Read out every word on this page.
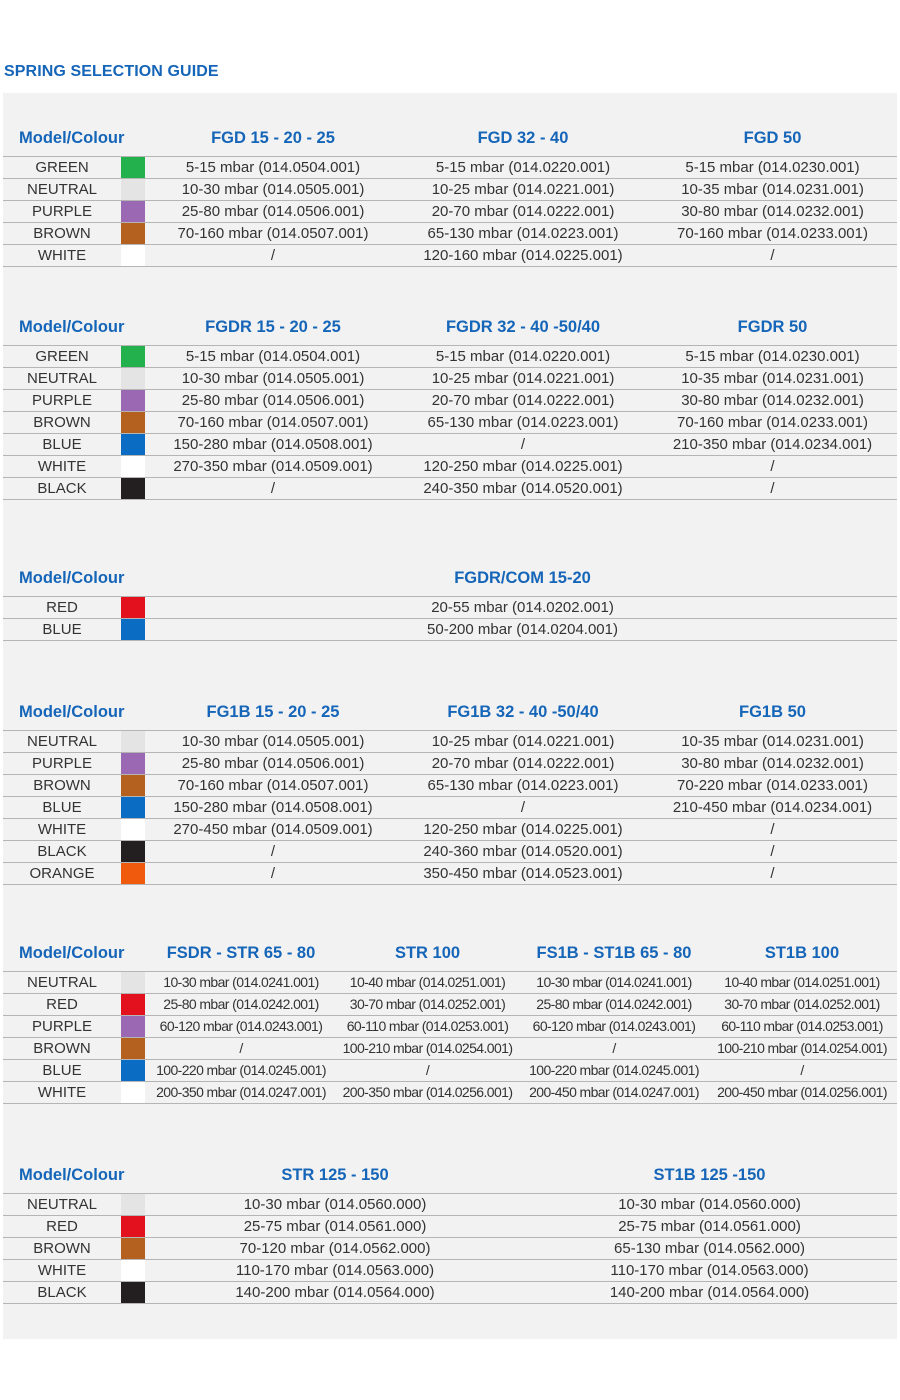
SPRING SELECTION GUIDE
Model/Colour	FGD 15 - 20 - 25	FGD 32 - 40	FGD 50
GREEN	5-15 mbar (014.0504.001)	5-15 mbar (014.0220.001)	5-15 mbar (014.0230.001)
NEUTRAL	10-30 mbar (014.0505.001)	10-25 mbar (014.0221.001)	10-35 mbar (014.0231.001)
PURPLE	25-80 mbar (014.0506.001)	20-70 mbar (014.0222.001)	30-80 mbar (014.0232.001)
BROWN	70-160 mbar (014.0507.001)	65-130 mbar (014.0223.001)	70-160 mbar (014.0233.001)
WHITE	/	120-160 mbar (014.0225.001)	/
Model/Colour	FGDR 15 - 20 - 25	FGDR 32 - 40 -50/40	FGDR 50
GREEN	5-15 mbar (014.0504.001)	5-15 mbar (014.0220.001)	5-15 mbar (014.0230.001)
NEUTRAL	10-30 mbar (014.0505.001)	10-25 mbar (014.0221.001)	10-35 mbar (014.0231.001)
PURPLE	25-80 mbar (014.0506.001)	20-70 mbar (014.0222.001)	30-80 mbar (014.0232.001)
BROWN	70-160 mbar (014.0507.001)	65-130 mbar (014.0223.001)	70-160 mbar (014.0233.001)
BLUE	150-280 mbar (014.0508.001)	/	210-350 mbar (014.0234.001)
WHITE	270-350 mbar (014.0509.001)	120-250 mbar (014.0225.001)	/
BLACK	/	240-350 mbar (014.0520.001)	/
Model/Colour	FGDR/COM 15-20
RED	20-55 mbar (014.0202.001)
BLUE	50-200 mbar (014.0204.001)
Model/Colour	FG1B 15 - 20 - 25	FG1B 32 - 40 -50/40	FG1B 50
NEUTRAL	10-30 mbar (014.0505.001)	10-25 mbar (014.0221.001)	10-35 mbar (014.0231.001)
PURPLE	25-80 mbar (014.0506.001)	20-70 mbar (014.0222.001)	30-80 mbar (014.0232.001)
BROWN	70-160 mbar (014.0507.001)	65-130 mbar (014.0223.001)	70-220 mbar (014.0233.001)
BLUE	150-280 mbar (014.0508.001)	/	210-450 mbar (014.0234.001)
WHITE	270-450 mbar (014.0509.001)	120-250 mbar (014.0225.001)	/
BLACK	/	240-360 mbar (014.0520.001)	/
ORANGE	/	350-450 mbar (014.0523.001)	/
Model/Colour	FSDR - STR 65 - 80	STR 100	FS1B - ST1B 65 - 80	ST1B 100
NEUTRAL	10-30 mbar (014.0241.001)	10-40 mbar (014.0251.001)	10-30 mbar (014.0241.001)	10-40 mbar (014.0251.001)
RED	25-80 mbar (014.0242.001)	30-70 mbar (014.0252.001)	25-80 mbar (014.0242.001)	30-70 mbar (014.0252.001)
PURPLE	60-120 mbar (014.0243.001)	60-110 mbar (014.0253.001)	60-120 mbar (014.0243.001)	60-110 mbar (014.0253.001)
BROWN	/	100-210 mbar (014.0254.001)	/	100-210 mbar (014.0254.001)
BLUE	100-220 mbar (014.0245.001)	/	100-220 mbar (014.0245.001)	/
WHITE	200-350 mbar (014.0247.001)	200-350 mbar (014.0256.001)	200-450 mbar (014.0247.001)	200-450 mbar (014.0256.001)
Model/Colour	STR 125 - 150	ST1B 125 -150
NEUTRAL	10-30 mbar (014.0560.000)	10-30 mbar (014.0560.000)
RED	25-75 mbar (014.0561.000)	25-75 mbar (014.0561.000)
BROWN	70-120 mbar (014.0562.000)	65-130 mbar (014.0562.000)
WHITE	110-170 mbar (014.0563.000)	110-170 mbar (014.0563.000)
BLACK	140-200 mbar (014.0564.000)	140-200 mbar (014.0564.000)
